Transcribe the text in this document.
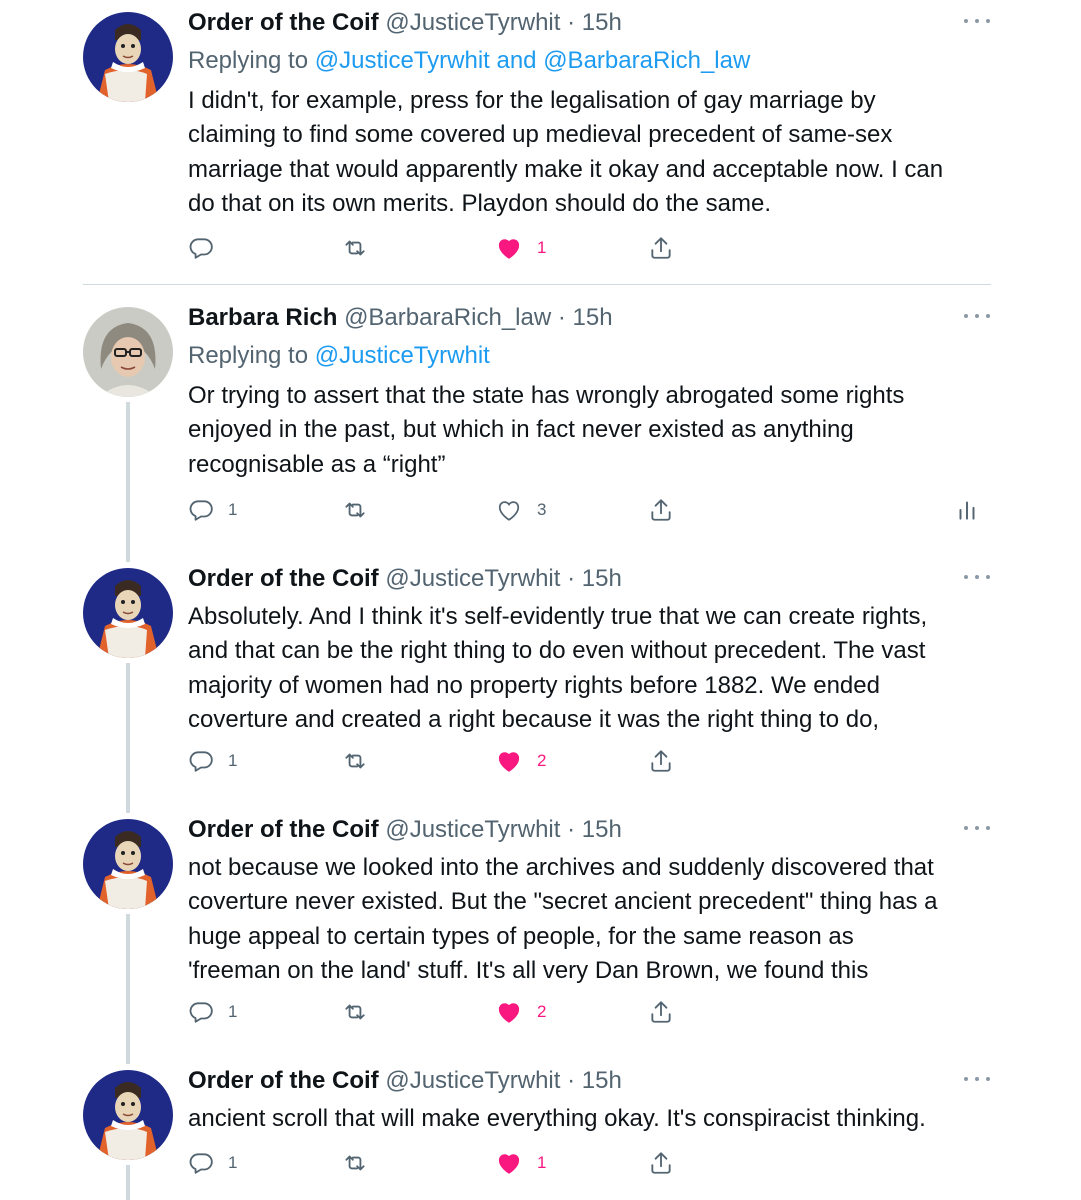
Order of the Coif @JusticeTyrwhit · 15h
Replying to @JusticeTyrwhit and @BarbaraRich_law
I didn't, for example, press for the legalisation of gay marriage by
claiming to find some covered up medieval precedent of same-sex
marriage that would apparently make it okay and acceptable now. I can
do that on its own merits. Playdon should do the same.
1
Barbara Rich @BarbaraRich_law · 15h
Replying to @JusticeTyrwhit
Or trying to assert that the state has wrongly abrogated some rights
enjoyed in the past, but which in fact never existed as anything
recognisable as a “right”
1	3
Order of the Coif @JusticeTyrwhit · 15h
Absolutely. And I think it's self-evidently true that we can create rights,
and that can be the right thing to do even without precedent. The vast
majority of women had no property rights before 1882. We ended
coverture and created a right because it was the right thing to do,
1	2
Order of the Coif @JusticeTyrwhit · 15h
not because we looked into the archives and suddenly discovered that
coverture never existed. But the "secret ancient precedent" thing has a
huge appeal to certain types of people, for the same reason as
'freeman on the land' stuff. It's all very Dan Brown, we found this
1	2
Order of the Coif @JusticeTyrwhit · 15h
ancient scroll that will make everything okay. It's conspiracist thinking.
1	1
